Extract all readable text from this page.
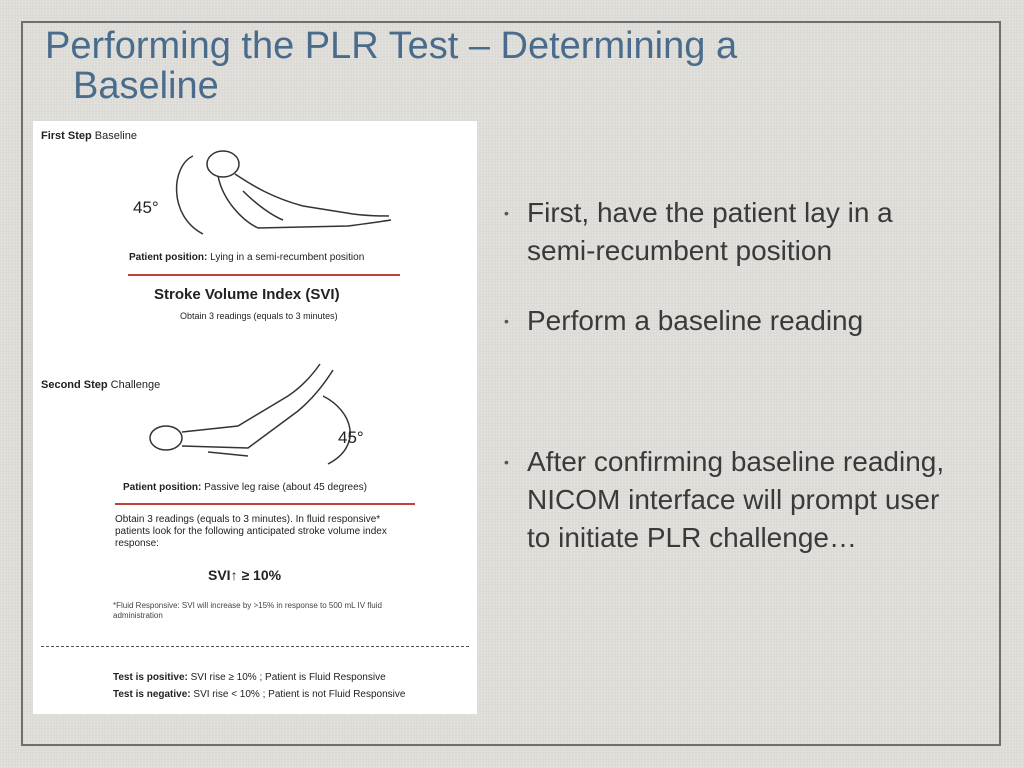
Performing the PLR Test – Determining a
Baseline
First Step Baseline
45°
Patient position: Lying in a semi-recumbent position
Stroke Volume Index (SVI)
Obtain 3 readings (equals to 3 minutes)
Second Step Challenge
45°
Patient position: Passive leg raise (about 45 degrees)
Obtain 3 readings (equals to 3 minutes). In fluid responsive*
patients look for the following anticipated stroke volume index
response:
SVI↑ ≥ 10%
*Fluid Responsive: SVI will increase by >15% in response to 500 mL IV fluid
administration
Test is positive: SVI rise ≥ 10% ; Patient is Fluid Responsive
Test is negative: SVI rise < 10% ; Patient is not Fluid Responsive
• First, have the patient lay in a semi-recumbent position
• Perform a baseline reading
• After confirming baseline reading, NICOM interface will prompt user to initiate PLR challenge…
